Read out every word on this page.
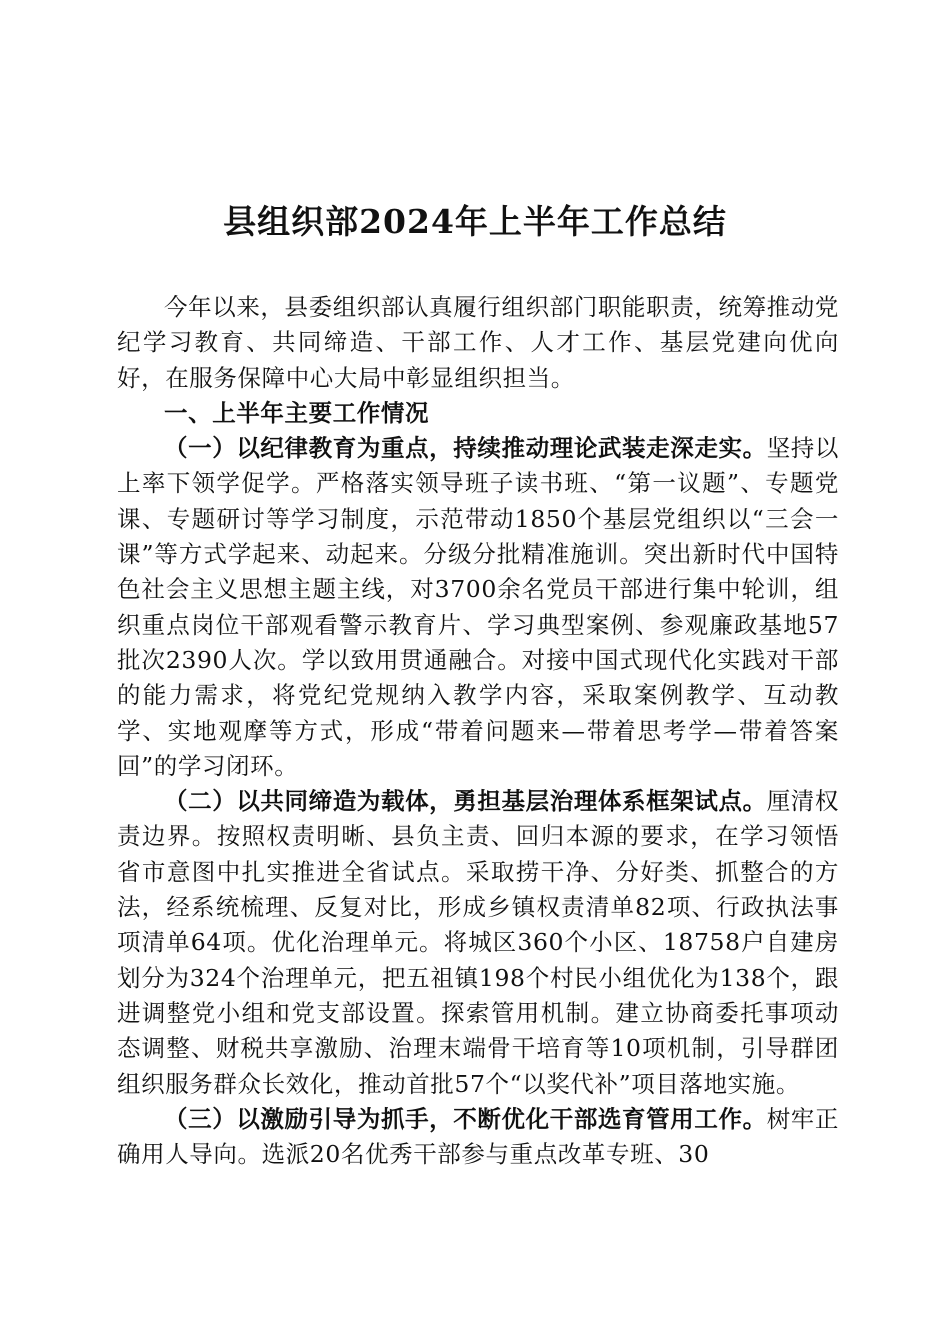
县组织部2024年上半年工作总结

今年以来，县委组织部认真履行组织部门职能职责，统筹推动党纪学习教育、共同缔造、干部工作、人才工作、基层党建向优向好，在服务保障中心大局中彰显组织担当。

一、上半年主要工作情况

（一）以纪律教育为重点，持续推动理论武装走深走实。坚持以上率下领学促学。严格落实领导班子读书班、“第一议题”、专题党课、专题研讨等学习制度，示范带动1850个基层党组织以“三会一课”等方式学起来、动起来。分级分批精准施训。突出新时代中国特色社会主义思想主题主线，对3700余名党员干部进行集中轮训，组织重点岗位干部观看警示教育片、学习典型案例、参观廉政基地57批次2390人次。学以致用贯通融合。对接中国式现代化实践对干部的能力需求，将党纪党规纳入教学内容，采取案例教学、互动教学、实地观摩等方式，形成“带着问题来—带着思考学—带着答案回”的学习闭环。

（二）以共同缔造为载体，勇担基层治理体系框架试点。厘清权责边界。按照权责明晰、县负主责、回归本源的要求，在学习领悟省市意图中扎实推进全省试点。采取捞干净、分好类、抓整合的方法，经系统梳理、反复对比，形成乡镇权责清单82项、行政执法事项清单64项。优化治理单元。将城区360个小区、18758户自建房划分为324个治理单元，把五祖镇198个村民小组优化为138个，跟进调整党小组和党支部设置。探索管用机制。建立协商委托事项动态调整、财税共享激励、治理末端骨干培育等10项机制，引导群团组织服务群众长效化，推动首批57个“以奖代补”项目落地实施。

（三）以激励引导为抓手，不断优化干部选育管用工作。树牢正确用人导向。选派20名优秀干部参与重点改革专班、30
